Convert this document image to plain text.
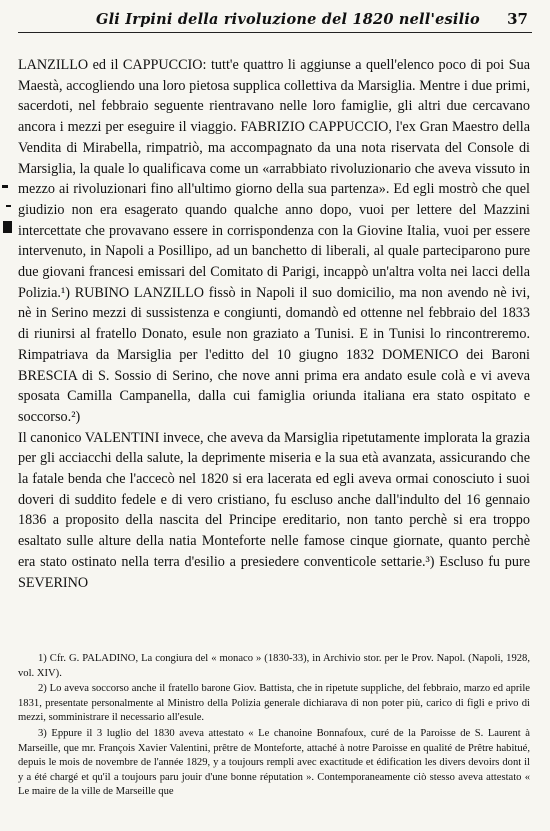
Gli Irpini della rivoluzione del 1820 nell'esilio 37

LANZILLO ed il CAPPUCCIO: tutt'e quattro li aggiunse a quell'elenco poco di poi Sua Maestà, accogliendo una loro pietosa supplica collettiva da Marsiglia. Mentre i due primi, sacerdoti, nel febbraio seguente rientravano nelle loro famiglie, gli altri due cercavano ancora i mezzi per eseguire il viaggio. FABRIZIO CAPPUCCIO, l'ex Gran Maestro della Vendita di Mirabella, rimpatriò, ma accompagnato da una nota riservata del Console di Marsiglia, la quale lo qualificava come un «arrabbiato rivoluzionario che aveva vissuto in mezzo ai rivoluzionari fino all'ultimo giorno della sua partenza». Ed egli mostrò che quel giudizio non era esagerato quando qualche anno dopo, vuoi per lettere del Mazzini intercettate che provavano essere in corrispondenza con la Giovine Italia, vuoi per essere intervenuto, in Napoli a Posillipo, ad un banchetto di liberali, al quale parteciparono pure due giovani francesi emissari del Comitato di Parigi, incappò un'altra volta nei lacci della Polizia.¹) RUBINO LANZILLO fissò in Napoli il suo domicilio, ma non avendo nè ivi, nè in Serino mezzi di sussistenza e congiunti, domandò ed ottenne nel febbraio del 1833 di riunirsi al fratello Donato, esule non graziato a Tunisi. E in Tunisi lo rincontreremo. Rimpatriava da Marsiglia per l'editto del 10 giugno 1832 DOMENICO dei Baroni BRESCIA di S. Sossio di Serino, che nove anni prima era andato esule colà e vi aveva sposata Camilla Campanella, dalla cui famiglia oriunda italiana era stato ospitato e soccorso.²)

Il canonico VALENTINI invece, che aveva da Marsiglia ripetutamente implorata la grazia per gli acciacchi della salute, la deprimente miseria e la sua età avanzata, assicurando che la fatale benda che l'accecò nel 1820 si era lacerata ed egli aveva ormai conosciuto i suoi doveri di suddito fedele e di vero cristiano, fu escluso anche dall'indulto del 16 gennaio 1836 a proposito della nascita del Principe ereditario, non tanto perchè si era troppo esaltato sulle alture della natia Monteforte nelle famose cinque giornate, quanto perchè era stato ostinato nella terra d'esilio a presiedere conventicole settarie.³) Escluso fu pure SEVERINO

1) Cfr. G. PALADINO, La congiura del « monaco » (1830-33), in Archivio stor. per le Prov. Napol. (Napoli, 1928, vol. XIV).

2) Lo aveva soccorso anche il fratello barone Giov. Battista, che in ripetute suppliche, del febbraio, marzo ed aprile 1831, presentate personalmente al Ministro della Polizia generale dichiarava di non poter più, carico di figli e privo di mezzi, somministrare il necessario all'esule.

3) Eppure il 3 luglio del 1830 aveva attestato « Le chanoine Bonnafoux, curé de la Paroisse de S. Laurent à Marseille, que mr. François Xavier Valentini, prêtre de Monteforte, attaché à notre Paroisse en qualité de Prêtre habitué, depuis le mois de novembre de l'année 1829, y a toujours rempli avec exactitude et édification les divers devoirs dont il y a été chargé et qu'il a toujours paru jouir d'une bonne réputation ». Contemporaneamente ciò stesso aveva attestato « Le maire de la ville de Marseille que
